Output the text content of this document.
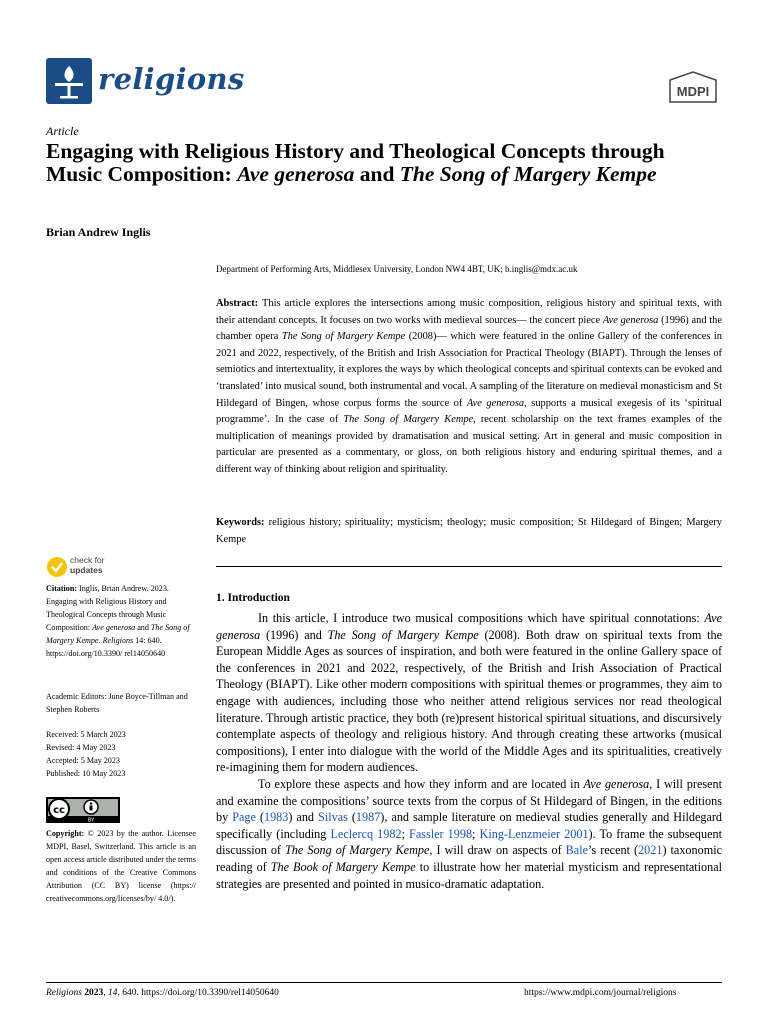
religions	MDPI
Article
Engaging with Religious History and Theological Concepts through Music Composition: Ave generosa and The Song of Margery Kempe
Brian Andrew Inglis
Department of Performing Arts, Middlesex University, London NW4 4BT, UK; b.inglis@mdx.ac.uk
Abstract: This article explores the intersections among music composition, religious history and spiritual texts, with their attendant concepts. It focuses on two works with medieval sources— the concert piece Ave generosa (1996) and the chamber opera The Song of Margery Kempe (2008)— which were featured in the online Gallery of the conferences in 2021 and 2022, respectively, of the British and Irish Association for Practical Theology (BIAPT). Through the lenses of semiotics and intertextuality, it explores the ways by which theological concepts and spiritual contexts can be evoked and ‘translated’ into musical sound, both instrumental and vocal. A sampling of the literature on medieval monasticism and St Hildegard of Bingen, whose corpus forms the source of Ave generosa, supports a musical exegesis of its ‘spiritual programme’. In the case of The Song of Margery Kempe, recent scholarship on the text frames examples of the multiplication of meanings provided by dramatisation and musical setting. Art in general and music composition in particular are presented as a commentary, or gloss, on both religious history and enduring spiritual themes, and a different way of thinking about religion and spirituality.
Keywords: religious history; spirituality; mysticism; theology; music composition; St Hildegard of Bingen; Margery Kempe
check for
updates
Citation: Inglis, Brian Andrew. 2023. Engaging with Religious History and Theological Concepts through Music Composition: Ave generosa and The Song of Margery Kempe. Religions 14: 640. https://doi.org/10.3390/ rel14050640
Academic Editors: June Boyce-Tillman and Stephen Roberts
Received: 5 March 2023
Revised: 4 May 2023
Accepted: 5 May 2023
Published: 10 May 2023
cc
BY
Copyright: © 2023 by the author. Licensee MDPI, Basel, Switzerland. This article is an open access article distributed under the terms and conditions of the Creative Commons Attribution (CC BY) license (https:// creativecommons.org/licenses/by/ 4.0/).
1. Introduction

In this article, I introduce two musical compositions which have spiritual connotations: Ave generosa (1996) and The Song of Margery Kempe (2008). Both draw on spiritual texts from the European Middle Ages as sources of inspiration, and both were featured in the online Gallery space of the conferences in 2021 and 2022, respectively, of the British and Irish Association of Practical Theology (BIAPT). Like other modern compositions with spiritual themes or programmes, they aim to engage with audiences, including those who neither attend religious services nor read theological literature. Through artistic practice, they both (re)present historical spiritual situations, and discursively contemplate aspects of theology and religious history. And through creating these artworks (musical compositions), I enter into dialogue with the world of the Middle Ages and its spiritualities, creatively re-imagining them for modern audiences.

To explore these aspects and how they inform and are located in Ave generosa, I will present and examine the compositions’ source texts from the corpus of St Hildegard of Bingen, in the editions by Page (1983) and Silvas (1987), and sample literature on medieval studies generally and Hildegard specifically (including Leclercq 1982; Fassler 1998; King-Lenzmeier 2001). To frame the subsequent discussion of The Song of Margery Kempe, I will draw on aspects of Bale’s recent (2021) taxonomic reading of The Book of Margery Kempe to illustrate how her material mysticism and representational strategies are presented and pointed in musico-dramatic adaptation.

Religions 2023, 14, 640. https://doi.org/10.3390/rel14050640	https://www.mdpi.com/journal/religions
